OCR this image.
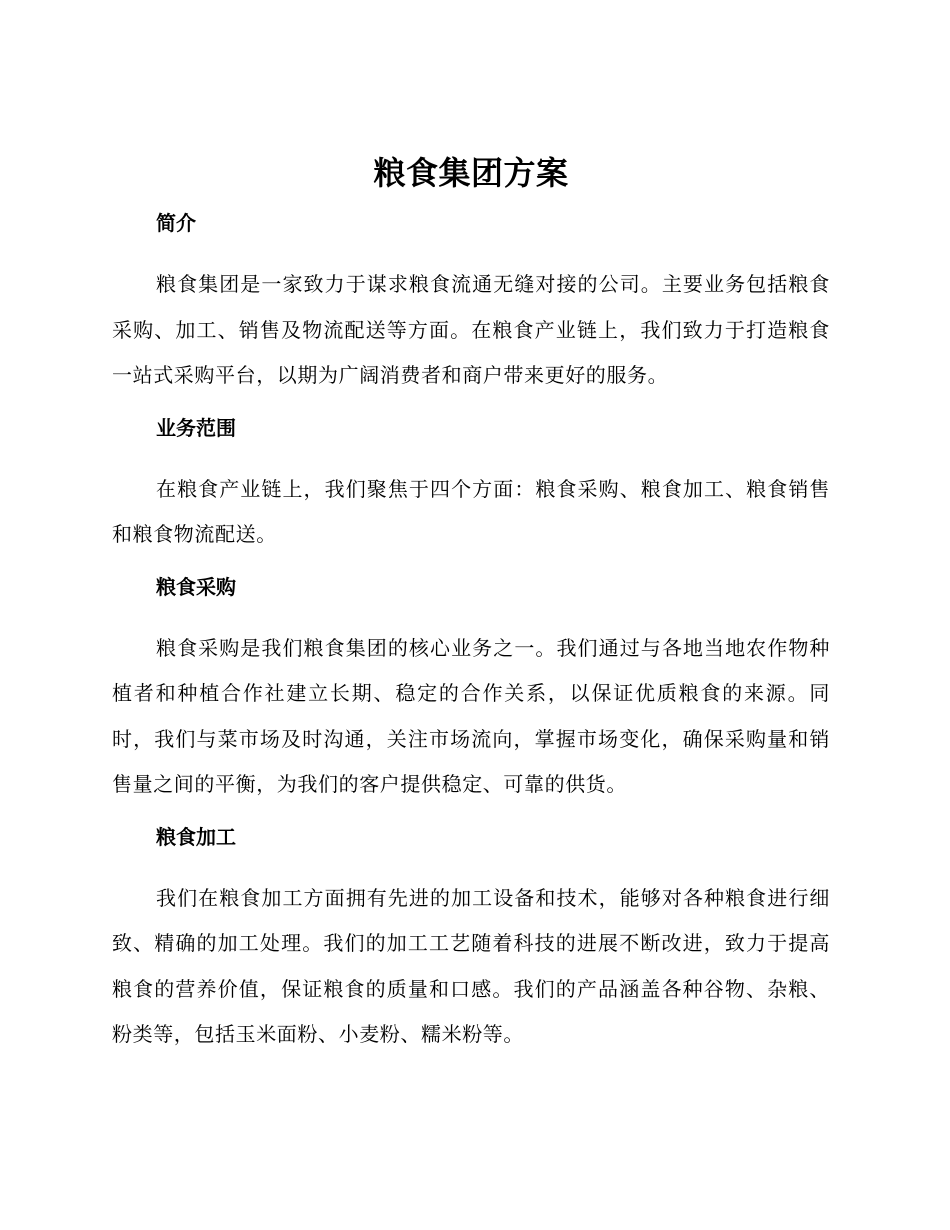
粮食集团方案
简介

粮食集团是一家致力于谋求粮食流通无缝对接的公司。主要业务包括粮食采购、加工、销售及物流配送等方面。在粮食产业链上，我们致力于打造粮食一站式采购平台，以期为广阔消费者和商户带来更好的服务。

业务范围

在粮食产业链上，我们聚焦于四个方面：粮食采购、粮食加工、粮食销售和粮食物流配送。

粮食采购

粮食采购是我们粮食集团的核心业务之一。我们通过与各地当地农作物种植者和种植合作社建立长期、稳定的合作关系，以保证优质粮食的来源。同时，我们与菜市场及时沟通，关注市场流向，掌握市场变化，确保采购量和销售量之间的平衡，为我们的客户提供稳定、可靠的供货。

粮食加工

我们在粮食加工方面拥有先进的加工设备和技术，能够对各种粮食进行细致、精确的加工处理。我们的加工工艺随着科技的进展不断改进，致力于提高粮食的营养价值，保证粮食的质量和口感。我们的产品涵盖各种谷物、杂粮、粉类等，包括玉米面粉、小麦粉、糯米粉等。
